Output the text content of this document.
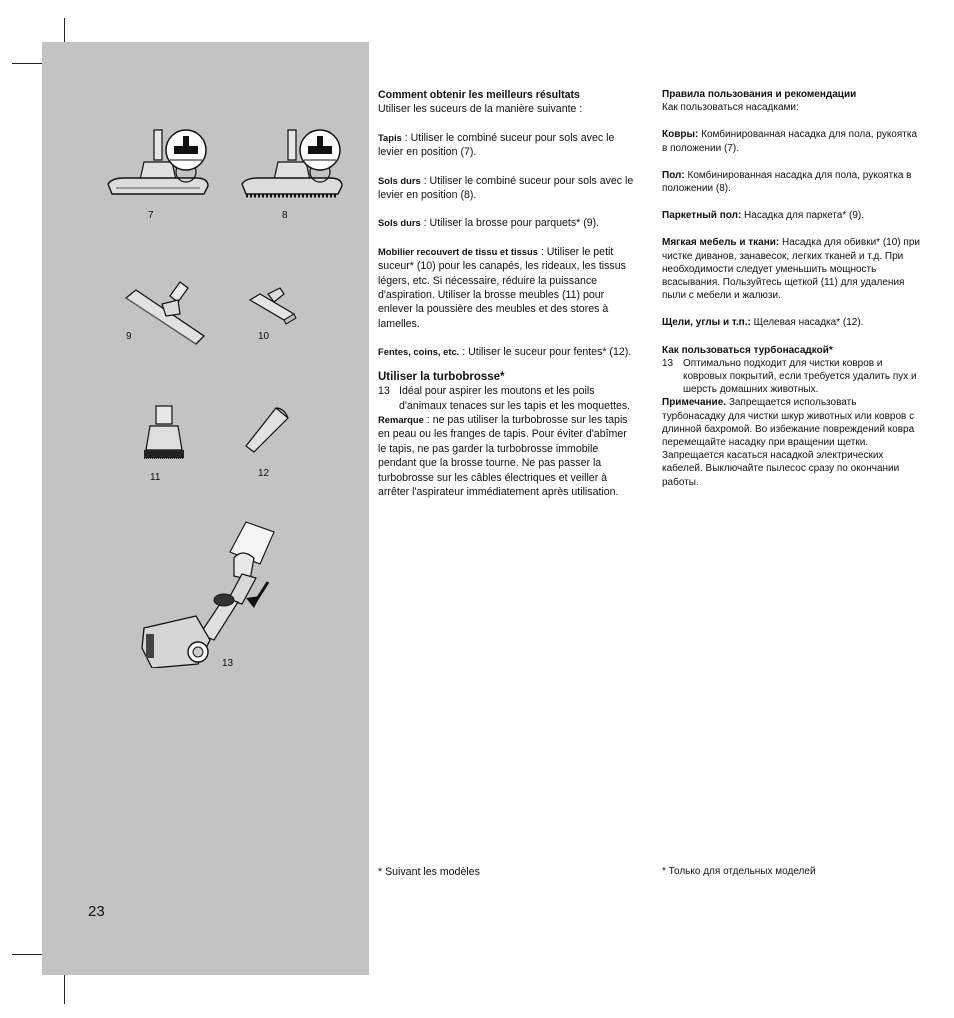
7	8
9	10
11	12
13

Comment obtenir les meilleurs résultats

Utiliser les suceurs de la manière suivante :

Tapis : Utiliser le combiné suceur pour sols avec le levier en position (7).

Sols durs : Utiliser le combiné suceur pour sols avec le levier en position (8).

Sols durs : Utiliser la brosse pour parquets* (9).

Mobilier recouvert de tissu et tissus : Utiliser le petit suceur* (10) pour les canapés, les rideaux, les tissus légers, etc. Si nécessaire, réduire la puissance d'aspiration. Utiliser la brosse meubles (11) pour enlever la poussière des meubles et des stores à lamelles.

Fentes, coins, etc. : Utiliser le suceur pour fentes* (12).

Utiliser la turbobrosse*

13 Idéal pour aspirer les moutons et les poils d'animaux tenaces sur les tapis et les moquettes.

Remarque : ne pas utiliser la turbobrosse sur les tapis en peau ou les franges de tapis. Pour éviter d'abîmer le tapis, ne pas garder la turbobrosse immobile pendant que la brosse tourne. Ne pas passer la turbobrosse sur les câbles électriques et veiller à arrêter l'aspirateur immédiatement après utilisation.

Правила пользования и рекомендации

Как пользоваться насадками:

Ковры: Комбинированная насадка для пола, рукоятка в положении (7).

Пол: Комбинированная насадка для пола, рукоятка в положении (8).

Паркетный пол: Насадка для паркета* (9).

Мягкая мебель и ткани: Насадка для обивки* (10) при чистке диванов, занавесок, легких тканей и т.д. При необходимости следует уменьшить мощность всасывания. Пользуйтесь щеткой (11) для удаления пыли с мебели и жалюзи.

Щели, углы и т.п.: Щелевая насадка* (12).

Как пользоваться турбонасадкой*

13 Оптимально подходит для чистки ковров и ковровых покрытий, если требуется удалить пух и шерсть домашних животных.

Примечание. Запрещается использовать турбонасадку для чистки шкур животных или ковров с длинной бахромой. Во избежание повреждений ковра перемещайте насадку при вращении щетки. Запрещается касаться насадкой электрических кабелей. Выключайте пылесос сразу по окончании работы.

* Suivant les modèles	* Только для отдельных моделей
23
